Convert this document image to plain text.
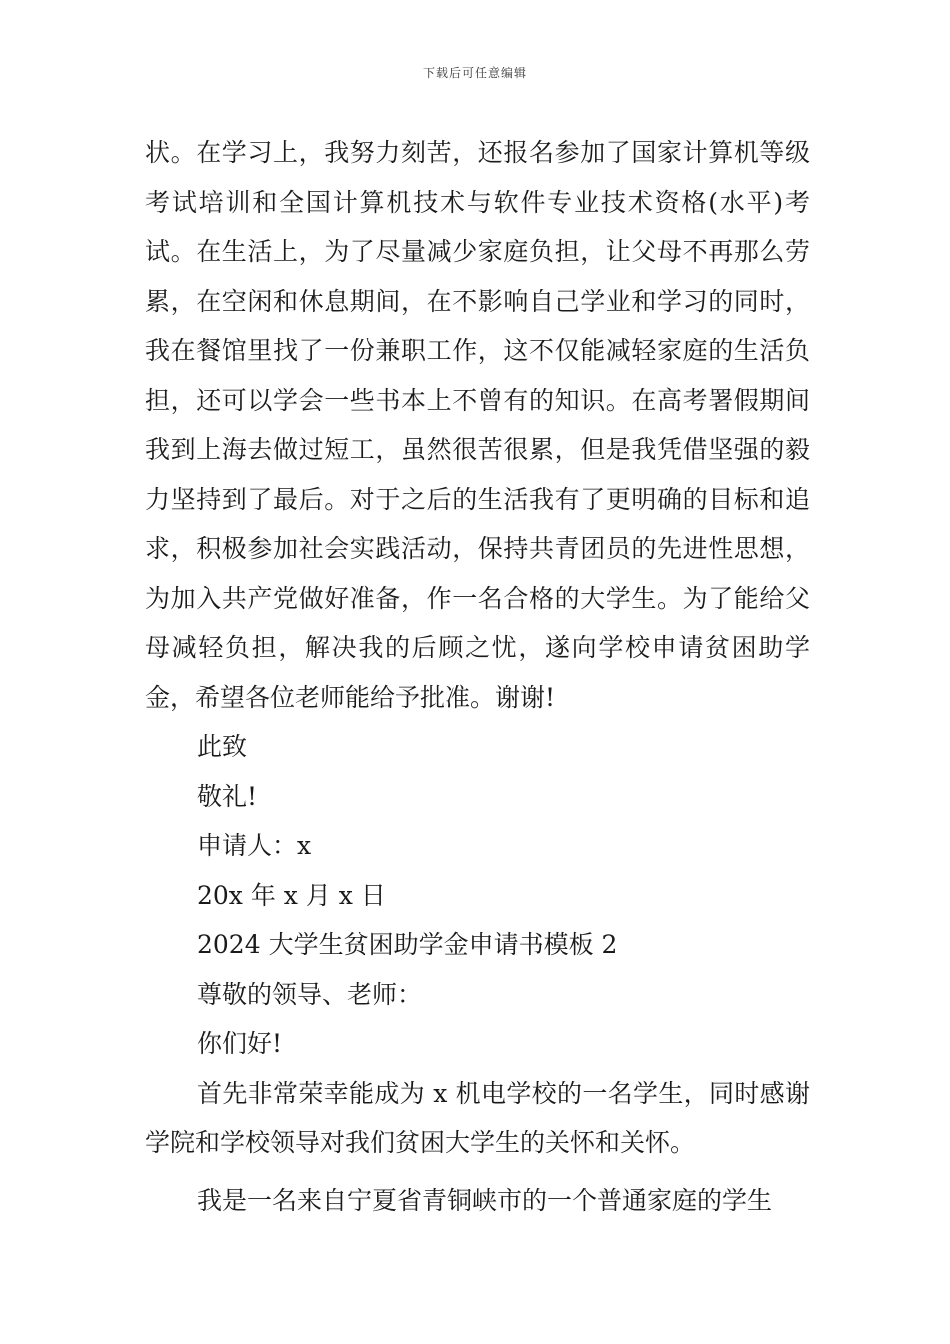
下载后可任意编辑

状。在学习上，我努力刻苦，还报名参加了国家计算机等级考试培训和全国计算机技术与软件专业技术资格(水平)考试。在生活上，为了尽量减少家庭负担，让父母不再那么劳累，在空闲和休息期间，在不影响自己学业和学习的同时，我在餐馆里找了一份兼职工作，这不仅能减轻家庭的生活负担，还可以学会一些书本上不曾有的知识。在高考署假期间我到上海去做过短工，虽然很苦很累，但是我凭借坚强的毅力坚持到了最后。对于之后的生活我有了更明确的目标和追求，积极参加社会实践活动，保持共青团员的先进性思想，为加入共产党做好准备，作一名合格的大学生。为了能给父母减轻负担，解决我的后顾之忧，遂向学校申请贫困助学金，希望各位老师能给予批准。谢谢!

此致

敬礼!

申请人：x

20x 年 x 月 x 日

2024 大学生贫困助学金申请书模板 2

尊敬的领导、老师：

你们好!

首先非常荣幸能成为 x 机电学校的一名学生，同时感谢学院和学校领导对我们贫困大学生的关怀和关怀。

我是一名来自宁夏省青铜峡市的一个普通家庭的学生
